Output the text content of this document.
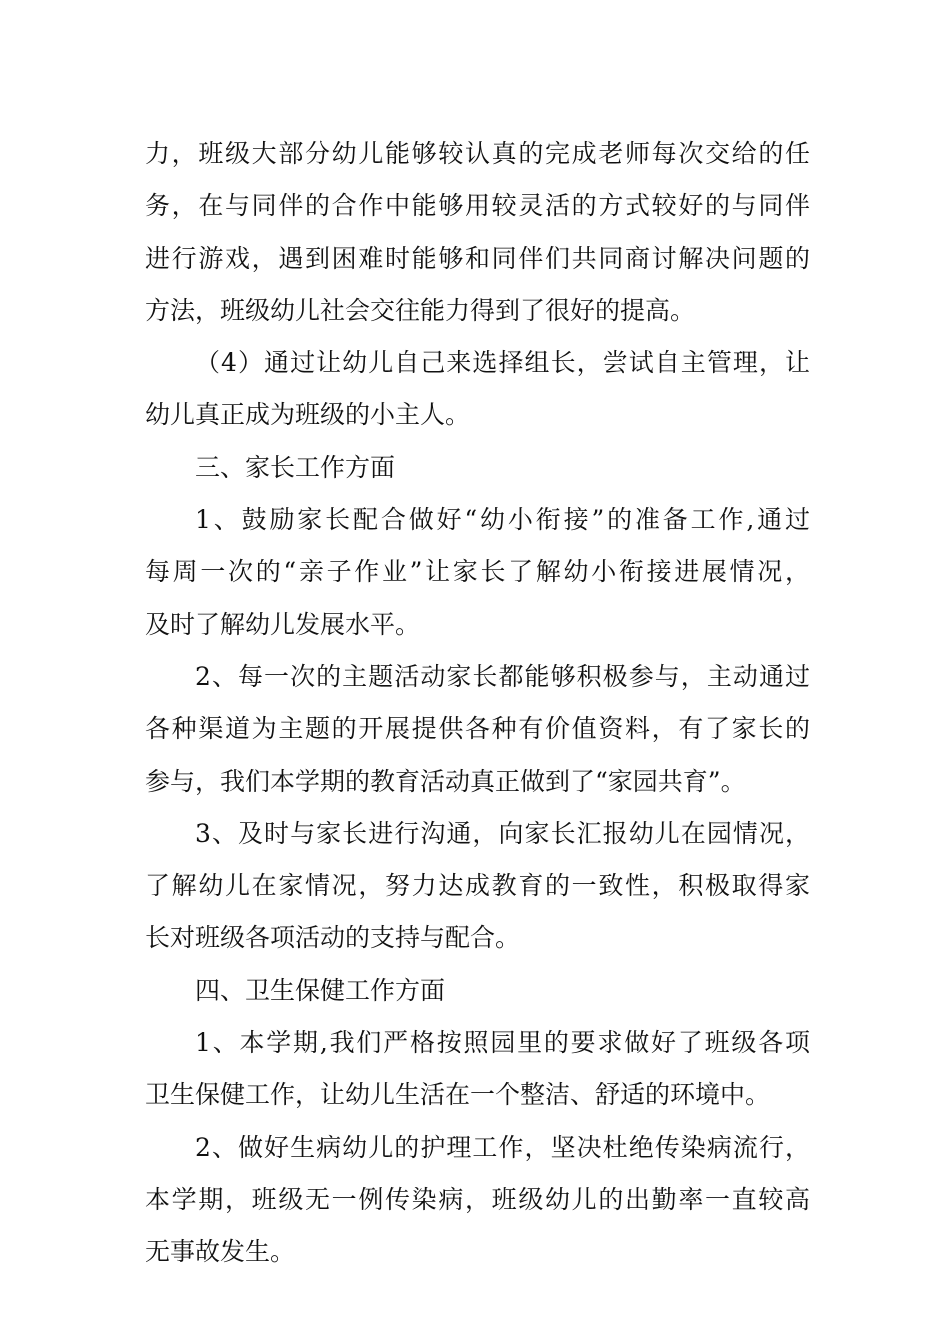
力，班级大部分幼儿能够较认真的完成老师每次交给的任
务，在与同伴的合作中能够用较灵活的方式较好的与同伴
进行游戏，遇到困难时能够和同伴们共同商讨解决问题的
方法，班级幼儿社会交往能力得到了很好的提高。
（4）通过让幼儿自己来选择组长，尝试自主管理，让
幼儿真正成为班级的小主人。
三、家长工作方面
1、鼓励家长配合做好“幼小衔接”的准备工作,通过
每周一次的“亲子作业”让家长了解幼小衔接进展情况，
及时了解幼儿发展水平。
2、每一次的主题活动家长都能够积极参与，主动通过
各种渠道为主题的开展提供各种有价值资料，有了家长的
参与，我们本学期的教育活动真正做到了“家园共育”。
3、及时与家长进行沟通，向家长汇报幼儿在园情况，
了解幼儿在家情况，努力达成教育的一致性，积极取得家
长对班级各项活动的支持与配合。
四、卫生保健工作方面
1、本学期,我们严格按照园里的要求做好了班级各项
卫生保健工作，让幼儿生活在一个整洁、舒适的环境中。
2、做好生病幼儿的护理工作，坚决杜绝传染病流行，
本学期，班级无一例传染病，班级幼儿的出勤率一直较高
无事故发生。
